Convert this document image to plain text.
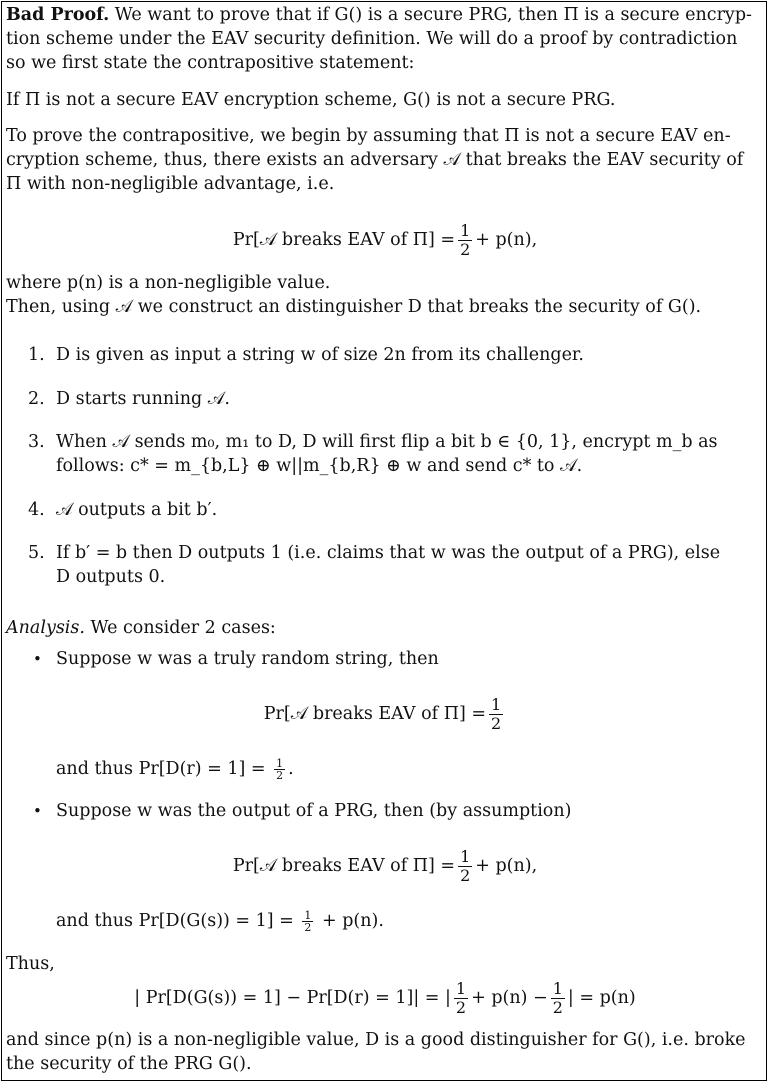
Bad Proof. We want to prove that if G() is a secure PRG, then Π is a secure encryp-
tion scheme under the EAV security definition. We will do a proof by contradiction
so we first state the contrapositive statement:
If Π is not a secure EAV encryption scheme, G() is not a secure PRG.
To prove the contrapositive, we begin by assuming that Π is not a secure EAV en-
cryption scheme, thus, there exists an adversary 𝒜 that breaks the EAV security of
Π with non-negligible advantage, i.e.
Pr[𝒜 breaks EAV of $\Pi] = \frac{1}{2} + p(n)$,
where p(n) is a non-negligible value.
Then, using 𝒜 we construct an distinguisher D that breaks the security of G().
1. D is given as input a string w of size 2n from its challenger.
2. D starts running 𝒜.
3. When 𝒜 sends m₀, m₁ to D, D will first flip a bit b ∈ {0, 1}, encrypt m_b as
follows: c* = m_{b,L} ⊕ w||m_{b,R} ⊕ w and send c* to 𝒜.
4. 𝒜 outputs a bit b′.
5. If b′ = b then D outputs 1 (i.e. claims that w was the output of a PRG), else
D outputs 0.
Analysis. We consider 2 cases:
• Suppose w was a truly random string, then
Pr[𝒜 breaks EAV of $\Pi] = \frac{1}{2}$
and thus $Pr[D(r) = 1] = \frac{1}{2}$ .
• Suppose w was the output of a PRG, then (by assumption)
Pr[𝒜 breaks EAV of $\Pi] = \frac{1}{2} + p(n)$,
and thus $Pr[D(G(s)) = 1] = \frac{1}{2} + p(n)$.
Thus,
| Pr[D(G(s)) = 1] − Pr[D(r) = 1]| = | $\frac{1}{2} + p(n) - \frac{1}{2}$ | = p(n)
and since p(n) is a non-negligible value, D is a good distinguisher for G(), i.e. broke
the security of the PRG G().
